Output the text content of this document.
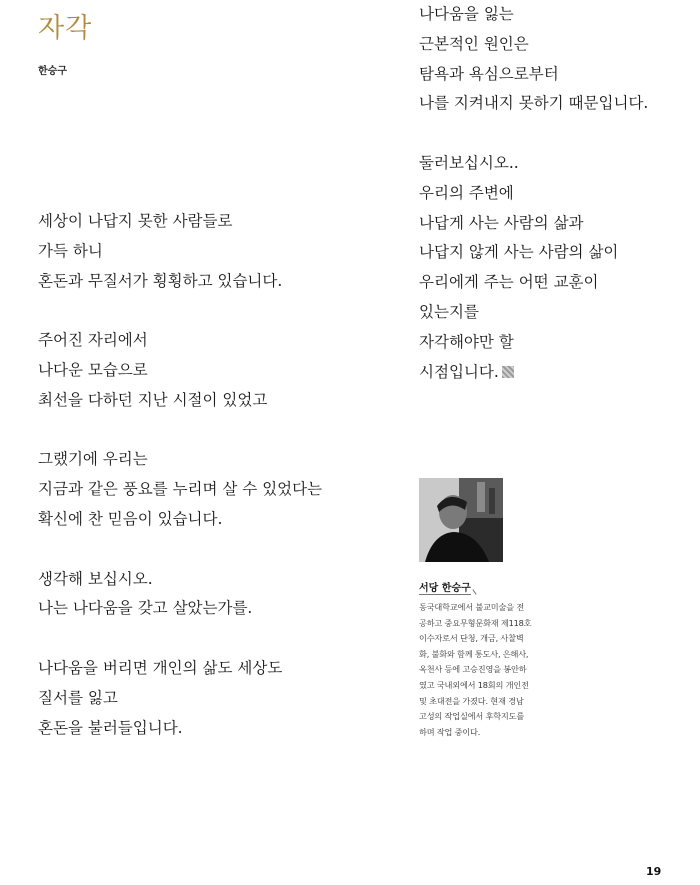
자각
한승구
세상이 나답지 못한 사람들로
가득 하니
혼돈과 무질서가 횡횡하고 있습니다.
주어진 자리에서
나다운 모습으로
최선을 다하던 지난 시절이 있었고
그랬기에 우리는
지금과 같은 풍요를 누리며 살 수 있었다는
확신에 찬 믿음이 있습니다.
생각해 보십시오.
나는 나다움을 갖고 살았는가를.
나다움을 버리면 개인의 삶도 세상도
질서를 잃고
혼돈을 불러들입니다.
나다움을 잃는
근본적인 원인은
탐욕과 욕심으로부터
나를 지켜내지 못하기 때문입니다.
둘러보십시오..
우리의 주변에
나답게 사는 사람의 삶과
나답지 않게 사는 사람의 삶이
우리에게 주는 어떤 교훈이
있는지를
자각해야만 할
시점입니다.
서당 한승구
동국대학교에서 불교미술을 전
공하고 중요무형문화재 제118호
이수자로서 단청, 개금, 사찰벽
화, 불화와 함께 통도사, 은해사,
옥천사 등에 고승진영을 봉안하
였고 국내외에서 18회의 개인전
및 초대전을 가졌다. 현재 경남
고성의 작업실에서 후학지도를
하며 작업 중이다.
19
